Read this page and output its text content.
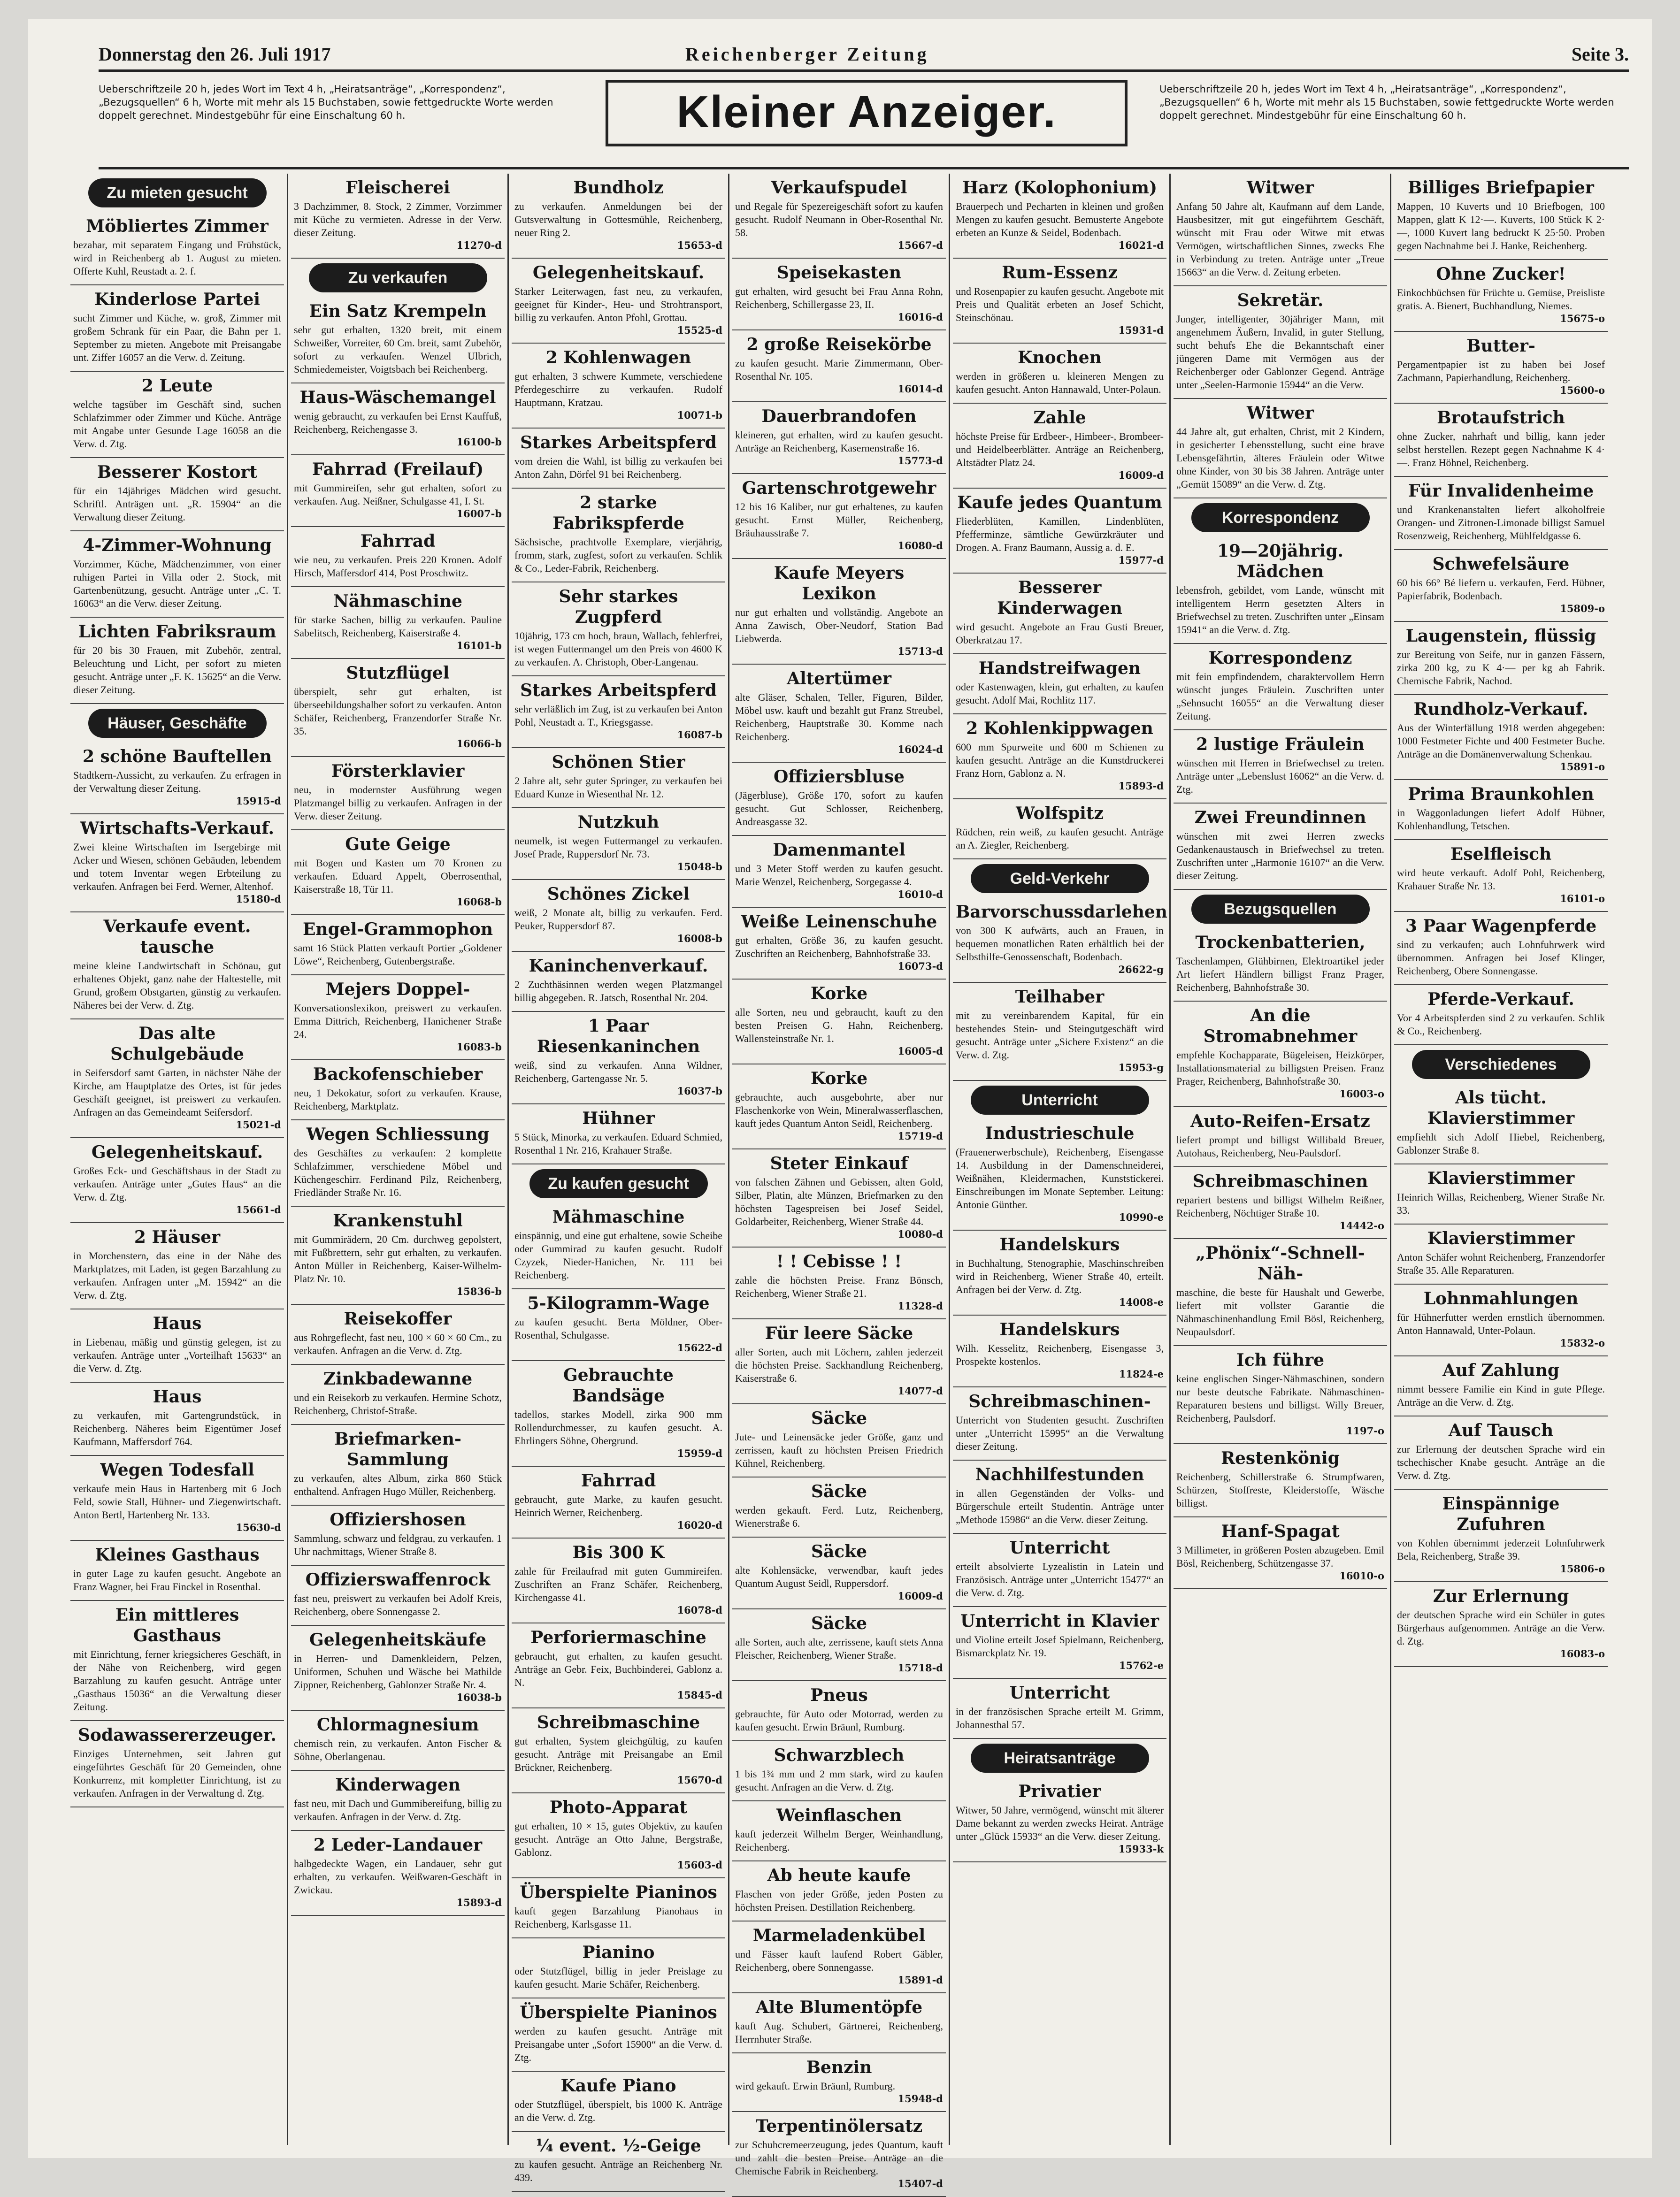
Donnerstag den 26. Juli 1917	Reichenberger Zeitung	Seite 3.
Ueberschriftzeile 20 h, jedes Wort im Text 4 h, „Heiratsanträge“, „Korrespondenz“, „Bezugsquellen“ 6 h, Worte mit mehr als 15 Buchstaben, sowie fettgedruckte Worte werden doppelt gerechnet. Mindestgebühr für eine Einschaltung 60 h.	Kleiner Anzeiger.	Ueberschriftzeile 20 h, jedes Wort im Text 4 h, „Heiratsanträge“, „Korrespondenz“, „Bezugsquellen“ 6 h, Worte mit mehr als 15 Buchstaben, sowie fettgedruckte Worte werden doppelt gerechnet. Mindestgebühr für eine Einschaltung 60 h.
Zu mieten gesucht
Möbliertes Zimmer
bezahar, mit separatem Eingang und Frühstück, wird in Reichenberg ab 1. August zu mieten. Offerte Kuhl, Reustadt a. 2. f.
Kinderlose Partei
sucht Zimmer und Küche, w. groß, Zimmer mit großem Schrank für ein Paar, die Bahn per 1. September zu mieten. Angebote mit Preisangabe unt. Ziffer 16057 an die Verw. d. Zeitung.
2 Leute
welche tagsüber im Geschäft sind, suchen Schlafzimmer oder Zimmer und Küche. Anträge mit Angabe unter Gesunde Lage 16058 an die Verw. d. Ztg.
Besserer Kostort
für ein 14jähriges Mädchen wird gesucht. Schriftl. Anträgen unt. „R. 15904“ an die Verwaltung dieser Zeitung.
4-Zimmer-Wohnung
Vorzimmer, Küche, Mädchenzimmer, von einer ruhigen Partei in Villa oder 2. Stock, mit Gartenbenützung, gesucht. Anträge unter „C. T. 16063“ an die Verw. dieser Zeitung.
Lichten Fabriksraum
für 20 bis 30 Frauen, mit Zubehör, zentral, Beleuchtung und Licht, per sofort zu mieten gesucht. Anträge unter „F. K. 15625“ an die Verw. dieser Zeitung.
Häuser, Geschäfte
2 schöne Bauftellen
Stadtkern-Aussicht, zu verkaufen. Zu erfragen in der Verwaltung dieser Zeitung.
15915-d
Wirtschafts-Verkauf.
Zwei kleine Wirtschaften im Isergebirge mit Acker und Wiesen, schönen Gebäuden, lebendem und totem Inventar wegen Erbteilung zu verkaufen. Anfragen bei Ferd. Werner, Altenhof.
15180-d
Verkaufe event. tausche
meine kleine Landwirtschaft in Schönau, gut erhaltenes Objekt, ganz nahe der Haltestelle, mit Grund, großem Obstgarten, günstig zu verkaufen. Näheres bei der Verw. d. Ztg.
Das alte Schulgebäude
in Seifersdorf samt Garten, in nächster Nähe der Kirche, am Hauptplatze des Ortes, ist für jedes Geschäft geeignet, ist preiswert zu verkaufen. Anfragen an das Gemeindeamt Seifersdorf.
15021-d
Gelegenheitskauf.
Großes Eck- und Geschäftshaus in der Stadt zu verkaufen. Anträge unter „Gutes Haus“ an die Verw. d. Ztg.
15661-d
2 Häuser
in Morchenstern, das eine in der Nähe des Marktplatzes, mit Laden, ist gegen Barzahlung zu verkaufen. Anfragen unter „M. 15942“ an die Verw. d. Ztg.
Haus
in Liebenau, mäßig und günstig gelegen, ist zu verkaufen. Anträge unter „Vorteilhaft 15633“ an die Verw. d. Ztg.
Haus
zu verkaufen, mit Gartengrundstück, in Reichenberg. Näheres beim Eigentümer Josef Kaufmann, Maffersdorf 764.
Wegen Todesfall
verkaufe mein Haus in Hartenberg mit 6 Joch Feld, sowie Stall, Hühner- und Ziegenwirtschaft. Anton Bertl, Hartenberg Nr. 133.
15630-d
Kleines Gasthaus
in guter Lage zu kaufen gesucht. Angebote an Franz Wagner, bei Frau Finckel in Rosenthal.
Ein mittleres Gasthaus
mit Einrichtung, ferner kriegsicheres Geschäft, in der Nähe von Reichenberg, wird gegen Barzahlung zu kaufen gesucht. Anträge unter „Gasthaus 15036“ an die Verwaltung dieser Zeitung.
Sodawassererzeuger.
Einziges Unternehmen, seit Jahren gut eingeführtes Geschäft für 20 Gemeinden, ohne Konkurrenz, mit kompletter Einrichtung, ist zu verkaufen. Anfragen in der Verwaltung d. Ztg.
Fleischerei
3 Dachzimmer, 8. Stock, 2 Zimmer, Vorzimmer mit Küche zu vermieten. Adresse in der Verw. dieser Zeitung.
11270-d
Zu verkaufen
Ein Satz Krempeln
sehr gut erhalten, 1320 breit, mit einem Schweißer, Vorreiter, 60 Cm. breit, samt Zubehör, sofort zu verkaufen. Wenzel Ulbrich, Schmiedemeister, Voigtsbach bei Reichenberg.
Haus-Wäschemangel
wenig gebraucht, zu verkaufen bei Ernst Kauffuß, Reichenberg, Reichengasse 3.
16100-b
Fahrrad (Freilauf)
mit Gummireifen, sehr gut erhalten, sofort zu verkaufen. Aug. Neißner, Schulgasse 41, I. St.
16007-b
Fahrrad
wie neu, zu verkaufen. Preis 220 Kronen. Adolf Hirsch, Maffersdorf 414, Post Proschwitz.
Nähmaschine
für starke Sachen, billig zu verkaufen. Pauline Sabelitsch, Reichenberg, Kaiserstraße 4.
16101-b
Stutzflügel
überspielt, sehr gut erhalten, ist überseebildungshalber sofort zu verkaufen. Anton Schäfer, Reichenberg, Franzendorfer Straße Nr. 35.
16066-b
Försterklavier
neu, in modernster Ausführung wegen Platzmangel billig zu verkaufen. Anfragen in der Verw. dieser Zeitung.
Gute Geige
mit Bogen und Kasten um 70 Kronen zu verkaufen. Eduard Appelt, Oberrosenthal, Kaiserstraße 18, Tür 11.
16068-b
Engel-Grammophon
samt 16 Stück Platten verkauft Portier „Goldener Löwe“, Reichenberg, Gutenbergstraße.
Mejers Doppel-
Konversationslexikon, preiswert zu verkaufen. Emma Dittrich, Reichenberg, Hanichener Straße 24.
16083-b
Backofenschieber
neu, 1 Dekokatur, sofort zu verkaufen. Krause, Reichenberg, Marktplatz.
Wegen Schliessung
des Geschäftes zu verkaufen: 2 komplette Schlafzimmer, verschiedene Möbel und Küchengeschirr. Ferdinand Pilz, Reichenberg, Friedländer Straße Nr. 16.
Krankenstuhl
mit Gummirädern, 20 Cm. durchweg gepolstert, mit Fußbrettern, sehr gut erhalten, zu verkaufen. Anton Müller in Reichenberg, Kaiser-Wilhelm-Platz Nr. 10.
15836-b
Reisekoffer
aus Rohrgeflecht, fast neu, 100 × 60 × 60 Cm., zu verkaufen. Anfragen an die Verw. d. Ztg.
Zinkbadewanne
und ein Reisekorb zu verkaufen. Hermine Schotz, Reichenberg, Christof-Straße.
Briefmarken-Sammlung
zu verkaufen, altes Album, zirka 860 Stück enthaltend. Anfragen Hugo Müller, Reichenberg.
Offiziershosen
Sammlung, schwarz und feldgrau, zu verkaufen. 1 Uhr nachmittags, Wiener Straße 8.
Offizierswaffenrock
fast neu, preiswert zu verkaufen bei Adolf Kreis, Reichenberg, obere Sonnengasse 2.
Gelegenheitskäufe
in Herren- und Damenkleidern, Pelzen, Uniformen, Schuhen und Wäsche bei Mathilde Zippner, Reichenberg, Gablonzer Straße Nr. 4.
16038-b
Chlormagnesium
chemisch rein, zu verkaufen. Anton Fischer & Söhne, Oberlangenau.
Kinderwagen
fast neu, mit Dach und Gummibereifung, billig zu verkaufen. Anfragen in der Verw. d. Ztg.
2 Leder-Landauer
halbgedeckte Wagen, ein Landauer, sehr gut erhalten, zu verkaufen. Weißwaren-Geschäft in Zwickau.
15893-d
Bundholz
zu verkaufen. Anmeldungen bei der Gutsverwaltung in Gottesmühle, Reichenberg, neuer Ring 2.
15653-d
Gelegenheitskauf.
Starker Leiterwagen, fast neu, zu verkaufen, geeignet für Kinder-, Heu- und Strohtransport, billig zu verkaufen. Anton Pfohl, Grottau.
15525-d
2 Kohlenwagen
gut erhalten, 3 schwere Kummete, verschiedene Pferdegeschirre zu verkaufen. Rudolf Hauptmann, Kratzau.
10071-b
Starkes Arbeitspferd
vom dreien die Wahl, ist billig zu verkaufen bei Anton Zahn, Dörfel 91 bei Reichenberg.
2 starke Fabrikspferde
Sächsische, prachtvolle Exemplare, vierjährig, fromm, stark, zugfest, sofort zu verkaufen. Schlik & Co., Leder-Fabrik, Reichenberg.
Sehr starkes Zugpferd
10jährig, 173 cm hoch, braun, Wallach, fehlerfrei, ist wegen Futtermangel um den Preis von 4600 K zu verkaufen. A. Christoph, Ober-Langenau.
Starkes Arbeitspferd
sehr verläßlich im Zug, ist zu verkaufen bei Anton Pohl, Neustadt a. T., Kriegsgasse.
16087-b
Schönen Stier
2 Jahre alt, sehr guter Springer, zu verkaufen bei Eduard Kunze in Wiesenthal Nr. 12.
Nutzkuh
neumelk, ist wegen Futtermangel zu verkaufen. Josef Prade, Ruppersdorf Nr. 73.
15048-b
Schönes Zickel
weiß, 2 Monate alt, billig zu verkaufen. Ferd. Peuker, Ruppersdorf 87.
16008-b
Kaninchenverkauf.
2 Zuchthäsinnen werden wegen Platzmangel billig abgegeben. R. Jatsch, Rosenthal Nr. 204.
1 Paar Riesenkaninchen
weiß, sind zu verkaufen. Anna Wildner, Reichenberg, Gartengasse Nr. 5.
16037-b
Hühner
5 Stück, Minorka, zu verkaufen. Eduard Schmied, Rosenthal 1 Nr. 216, Krahauer Straße.
Zu kaufen gesucht
Mähmaschine
einspännig, und eine gut erhaltene, sowie Scheibe oder Gummirad zu kaufen gesucht. Rudolf Czyzek, Nieder-Hanichen, Nr. 111 bei Reichenberg.
5-Kilogramm-Wage
zu kaufen gesucht. Berta Möldner, Ober-Rosenthal, Schulgasse.
15622-d
Gebrauchte Bandsäge
tadellos, starkes Modell, zirka 900 mm Rollendurchmesser, zu kaufen gesucht. A. Ehrlingers Söhne, Obergrund.
15959-d
Fahrrad
gebraucht, gute Marke, zu kaufen gesucht. Heinrich Werner, Reichenberg.
16020-d
Bis 300 K
zahle für Freilaufrad mit guten Gummireifen. Zuschriften an Franz Schäfer, Reichenberg, Kirchengasse 41.
16078-d
Perforiermaschine
gebraucht, gut erhalten, zu kaufen gesucht. Anträge an Gebr. Feix, Buchbinderei, Gablonz a. N.
15845-d
Schreibmaschine
gut erhalten, System gleichgültig, zu kaufen gesucht. Anträge mit Preisangabe an Emil Brückner, Reichenberg.
15670-d
Photo-Apparat
gut erhalten, 10 × 15, gutes Objektiv, zu kaufen gesucht. Anträge an Otto Jahne, Bergstraße, Gablonz.
15603-d
Überspielte Pianinos
kauft gegen Barzahlung Pianohaus in Reichenberg, Karlsgasse 11.
Pianino
oder Stutzflügel, billig in jeder Preislage zu kaufen gesucht. Marie Schäfer, Reichenberg.
Überspielte Pianinos
werden zu kaufen gesucht. Anträge mit Preisangabe unter „Sofort 15900“ an die Verw. d. Ztg.
Kaufe Piano
oder Stutzflügel, überspielt, bis 1000 K. Anträge an die Verw. d. Ztg.
¼ event. ½-Geige
zu kaufen gesucht. Anträge an Reichenberg Nr. 439.
Verkaufspudel
und Regale für Spezereigeschäft sofort zu kaufen gesucht. Rudolf Neumann in Ober-Rosenthal Nr. 58.
15667-d
Speisekasten
gut erhalten, wird gesucht bei Frau Anna Rohn, Reichenberg, Schillergasse 23, II.
16016-d
2 große Reisekörbe
zu kaufen gesucht. Marie Zimmermann, Ober-Rosenthal Nr. 105.
16014-d
Dauerbrandofen
kleineren, gut erhalten, wird zu kaufen gesucht. Anträge an Reichenberg, Kasernenstraße 16.
15773-d
Gartenschrotgewehr
12 bis 16 Kaliber, nur gut erhaltenes, zu kaufen gesucht. Ernst Müller, Reichenberg, Bräuhausstraße 7.
16080-d
Kaufe Meyers Lexikon
nur gut erhalten und vollständig. Angebote an Anna Zawisch, Ober-Neudorf, Station Bad Liebwerda.
15713-d
Altertümer
alte Gläser, Schalen, Teller, Figuren, Bilder, Möbel usw. kauft und bezahlt gut Franz Streubel, Reichenberg, Hauptstraße 30. Komme nach Reichenberg.
16024-d
Offiziersbluse
(Jägerbluse), Größe 170, sofort zu kaufen gesucht. Gut Schlosser, Reichenberg, Andreasgasse 32.
Damenmantel
und 3 Meter Stoff werden zu kaufen gesucht. Marie Wenzel, Reichenberg, Sorgegasse 4.
16010-d
Weiße Leinenschuhe
gut erhalten, Größe 36, zu kaufen gesucht. Zuschriften an Reichenberg, Bahnhofstraße 33.
16073-d
Korke
alle Sorten, neu und gebraucht, kauft zu den besten Preisen G. Hahn, Reichenberg, Wallensteinstraße Nr. 1.
16005-d
Korke
gebrauchte, auch ausgebohrte, aber nur Flaschenkorke von Wein, Mineralwasserflaschen, kauft jedes Quantum Anton Seidl, Reichenberg.
15719-d
Steter Einkauf
von falschen Zähnen und Gebissen, alten Gold, Silber, Platin, alte Münzen, Briefmarken zu den höchsten Tagespreisen bei Josef Seidel, Goldarbeiter, Reichenberg, Wiener Straße 44.
10080-d
! ! Cebisse ! !
zahle die höchsten Preise. Franz Bönsch, Reichenberg, Wiener Straße 21.
11328-d
Für leere Säcke
aller Sorten, auch mit Löchern, zahlen jederzeit die höchsten Preise. Sackhandlung Reichenberg, Kaiserstraße 6.
14077-d
Säcke
Jute- und Leinensäcke jeder Größe, ganz und zerrissen, kauft zu höchsten Preisen Friedrich Kühnel, Reichenberg.
Säcke
werden gekauft. Ferd. Lutz, Reichenberg, Wienerstraße 6.
Säcke
alte Kohlensäcke, verwendbar, kauft jedes Quantum August Seidl, Ruppersdorf.
16009-d
Säcke
alle Sorten, auch alte, zerrissene, kauft stets Anna Fleischer, Reichenberg, Wiener Straße.
15718-d
Pneus
gebrauchte, für Auto oder Motorrad, werden zu kaufen gesucht. Erwin Bräunl, Rumburg.
Schwarzblech
1 bis 1¾ mm und 2 mm stark, wird zu kaufen gesucht. Anfragen an die Verw. d. Ztg.
Weinflaschen
kauft jederzeit Wilhelm Berger, Weinhandlung, Reichenberg.
Ab heute kaufe
Flaschen von jeder Größe, jeden Posten zu höchsten Preisen. Destillation Reichenberg.
Marmeladenkübel
und Fässer kauft laufend Robert Gäbler, Reichenberg, obere Sonnengasse.
15891-d
Alte Blumentöpfe
kauft Aug. Schubert, Gärtnerei, Reichenberg, Herrnhuter Straße.
Benzin
wird gekauft. Erwin Bräunl, Rumburg.
15948-d
Terpentinölersatz
zur Schuhcremeerzeugung, jedes Quantum, kauft und zahlt die besten Preise. Anträge an die Chemische Fabrik in Reichenberg.
15407-d
Harz (Kolophonium)
Brauerpech und Pecharten in kleinen und großen Mengen zu kaufen gesucht. Bemusterte Angebote erbeten an Kunze & Seidel, Bodenbach.
16021-d
Rum-Essenz
und Rosenpapier zu kaufen gesucht. Angebote mit Preis und Qualität erbeten an Josef Schicht, Steinschönau.
15931-d
Knochen
werden in größeren u. kleineren Mengen zu kaufen gesucht. Anton Hannawald, Unter-Polaun.
Zahle
höchste Preise für Erdbeer-, Himbeer-, Brombeer- und Heidelbeerblätter. Anträge an Reichenberg, Altstädter Platz 24.
16009-d
Kaufe jedes Quantum
Fliederblüten, Kamillen, Lindenblüten, Pfefferminze, sämtliche Gewürzkräuter und Drogen. A. Franz Baumann, Aussig a. d. E.
15977-d
Besserer Kinderwagen
wird gesucht. Angebote an Frau Gusti Breuer, Oberkratzau 17.
Handstreifwagen
oder Kastenwagen, klein, gut erhalten, zu kaufen gesucht. Adolf Mai, Rochlitz 117.
2 Kohlenkippwagen
600 mm Spurweite und 600 m Schienen zu kaufen gesucht. Anträge an die Kunstdruckerei Franz Horn, Gablonz a. N.
15893-d
Wolfspitz
Rüdchen, rein weiß, zu kaufen gesucht. Anträge an A. Ziegler, Reichenberg.
Geld-Verkehr
Barvorschussdarlehen
von 300 K aufwärts, auch an Frauen, in bequemen monatlichen Raten erhältlich bei der Selbsthilfe-Genossenschaft, Bodenbach.
26622-g
Teilhaber
mit zu vereinbarendem Kapital, für ein bestehendes Stein- und Steingutgeschäft wird gesucht. Anträge unter „Sichere Existenz“ an die Verw. d. Ztg.
15953-g
Unterricht
Industrieschule
(Frauenerwerbschule), Reichenberg, Eisengasse 14. Ausbildung in der Damenschneiderei, Weißnähen, Kleidermachen, Kunststickerei. Einschreibungen im Monate September. Leitung: Antonie Günther.
10990-e
Handelskurs
in Buchhaltung, Stenographie, Maschinschreiben wird in Reichenberg, Wiener Straße 40, erteilt. Anfragen bei der Verw. d. Ztg.
14008-e
Handelskurs
Wilh. Kesselitz, Reichenberg, Eisengasse 3, Prospekte kostenlos.
11824-e
Schreibmaschinen-
Unterricht von Studenten gesucht. Zuschriften unter „Unterricht 15995“ an die Verwaltung dieser Zeitung.
Nachhilfestunden
in allen Gegenständen der Volks- und Bürgerschule erteilt Studentin. Anträge unter „Methode 15986“ an die Verw. dieser Zeitung.
Unterricht
erteilt absolvierte Lyzealistin in Latein und Französisch. Anträge unter „Unterricht 15477“ an die Verw. d. Ztg.
Unterricht in Klavier
und Violine erteilt Josef Spielmann, Reichenberg, Bismarckplatz Nr. 19.
15762-e
Unterricht
in der französischen Sprache erteilt M. Grimm, Johannesthal 57.
Heiratsanträge
Privatier
Witwer, 50 Jahre, vermögend, wünscht mit älterer Dame bekannt zu werden zwecks Heirat. Anträge unter „Glück 15933“ an die Verw. dieser Zeitung.
15933-k
Witwer
Anfang 50 Jahre alt, Kaufmann auf dem Lande, Hausbesitzer, mit gut eingeführtem Geschäft, wünscht mit Frau oder Witwe mit etwas Vermögen, wirtschaftlichen Sinnes, zwecks Ehe in Verbindung zu treten. Anträge unter „Treue 15663“ an die Verw. d. Zeitung erbeten.
Sekretär.
Junger, intelligenter, 30jähriger Mann, mit angenehmem Äußern, Invalid, in guter Stellung, sucht behufs Ehe die Bekanntschaft einer jüngeren Dame mit Vermögen aus der Reichenberger oder Gablonzer Gegend. Anträge unter „Seelen-Harmonie 15944“ an die Verw.
Witwer
44 Jahre alt, gut erhalten, Christ, mit 2 Kindern, in gesicherter Lebensstellung, sucht eine brave Lebensgefährtin, älteres Fräulein oder Witwe ohne Kinder, von 30 bis 38 Jahren. Anträge unter „Gemüt 15089“ an die Verw. d. Ztg.
Korrespondenz
19—20jährig. Mädchen
lebensfroh, gebildet, vom Lande, wünscht mit intelligentem Herrn gesetzten Alters in Briefwechsel zu treten. Zuschriften unter „Einsam 15941“ an die Verw. d. Ztg.
Korrespondenz
mit fein empfindendem, charaktervollem Herrn wünscht junges Fräulein. Zuschriften unter „Sehnsucht 16055“ an die Verwaltung dieser Zeitung.
2 lustige Fräulein
wünschen mit Herren in Briefwechsel zu treten. Anträge unter „Lebenslust 16062“ an die Verw. d. Ztg.
Zwei Freundinnen
wünschen mit zwei Herren zwecks Gedankenaustausch in Briefwechsel zu treten. Zuschriften unter „Harmonie 16107“ an die Verw. dieser Zeitung.
Bezugsquellen
Trockenbatterien,
Taschenlampen, Glühbirnen, Elektroartikel jeder Art liefert Händlern billigst Franz Prager, Reichenberg, Bahnhofstraße 30.
An die Stromabnehmer
empfehle Kochapparate, Bügeleisen, Heizkörper, Installationsmaterial zu billigsten Preisen. Franz Prager, Reichenberg, Bahnhofstraße 30.
16003-o
Auto-Reifen-Ersatz
liefert prompt und billigst Willibald Breuer, Autohaus, Reichenberg, Neu-Paulsdorf.
Schreibmaschinen
repariert bestens und billigst Wilhelm Reißner, Reichenberg, Nöchtiger Straße 10.
14442-o
„Phönix“-Schnell-Näh-
maschine, die beste für Haushalt und Gewerbe, liefert mit vollster Garantie die Nähmaschinenhandlung Emil Bösl, Reichenberg, Neupaulsdorf.
Ich führe
keine englischen Singer-Nähmaschinen, sondern nur beste deutsche Fabrikate. Nähmaschinen-Reparaturen bestens und billigst. Willy Breuer, Reichenberg, Paulsdorf.
1197-o
Restenkönig
Reichenberg, Schillerstraße 6. Strumpfwaren, Schürzen, Stoffreste, Kleiderstoffe, Wäsche billigst.
Hanf-Spagat
3 Millimeter, in größeren Posten abzugeben. Emil Bösl, Reichenberg, Schützengasse 37.
16010-o
Billiges Briefpapier
Mappen, 10 Kuverts und 10 Briefbogen, 100 Mappen, glatt K 12·—. Kuverts, 100 Stück K 2·—, 1000 Kuvert lang bedruckt K 25·50. Proben gegen Nachnahme bei J. Hanke, Reichenberg.
Ohne Zucker!
Einkochbüchsen für Früchte u. Gemüse, Preisliste gratis. A. Bienert, Buchhandlung, Niemes.
15675-o
Butter-
Pergamentpapier ist zu haben bei Josef Zachmann, Papierhandlung, Reichenberg.
15600-o
Brotaufstrich
ohne Zucker, nahrhaft und billig, kann jeder selbst herstellen. Rezept gegen Nachnahme K 4·—. Franz Höhnel, Reichenberg.
Für Invalidenheime
und Krankenanstalten liefert alkoholfreie Orangen- und Zitronen-Limonade billigst Samuel Rosenzweig, Reichenberg, Mühlfeldgasse 6.
Schwefelsäure
60 bis 66° Bé liefern u. verkaufen, Ferd. Hübner, Papierfabrik, Bodenbach.
15809-o
Laugenstein, flüssig
zur Bereitung von Seife, nur in ganzen Fässern, zirka 200 kg, zu K 4·— per kg ab Fabrik. Chemische Fabrik, Nachod.
Rundholz-Verkauf.
Aus der Winterfällung 1918 werden abgegeben: 1000 Festmeter Fichte und 400 Festmeter Buche. Anträge an die Domänenverwaltung Schenkau.
15891-o
Prima Braunkohlen
in Waggonladungen liefert Adolf Hübner, Kohlenhandlung, Tetschen.
Eselfleisch
wird heute verkauft. Adolf Pohl, Reichenberg, Krahauer Straße Nr. 13.
16101-o
3 Paar Wagenpferde
sind zu verkaufen; auch Lohnfuhrwerk wird übernommen. Anfragen bei Josef Klinger, Reichenberg, Obere Sonnengasse.
Pferde-Verkauf.
Vor 4 Arbeitspferden sind 2 zu verkaufen. Schlik & Co., Reichenberg.
Verschiedenes
Als tücht. Klavierstimmer
empfiehlt sich Adolf Hiebel, Reichenberg, Gablonzer Straße 8.
Klavierstimmer
Heinrich Willas, Reichenberg, Wiener Straße Nr. 33.
Klavierstimmer
Anton Schäfer wohnt Reichenberg, Franzendorfer Straße 35. Alle Reparaturen.
Lohnmahlungen
für Hühnerfutter werden ernstlich übernommen. Anton Hannawald, Unter-Polaun.
15832-o
Auf Zahlung
nimmt bessere Familie ein Kind in gute Pflege. Anträge an die Verw. d. Ztg.
Auf Tausch
zur Erlernung der deutschen Sprache wird ein tschechischer Knabe gesucht. Anträge an die Verw. d. Ztg.
Einspännige Zufuhren
von Kohlen übernimmt jederzeit Lohnfuhrwerk Bela, Reichenberg, Straße 39.
15806-o
Zur Erlernung
der deutschen Sprache wird ein Schüler in gutes Bürgerhaus aufgenommen. Anträge an die Verw. d. Ztg.
16083-o
